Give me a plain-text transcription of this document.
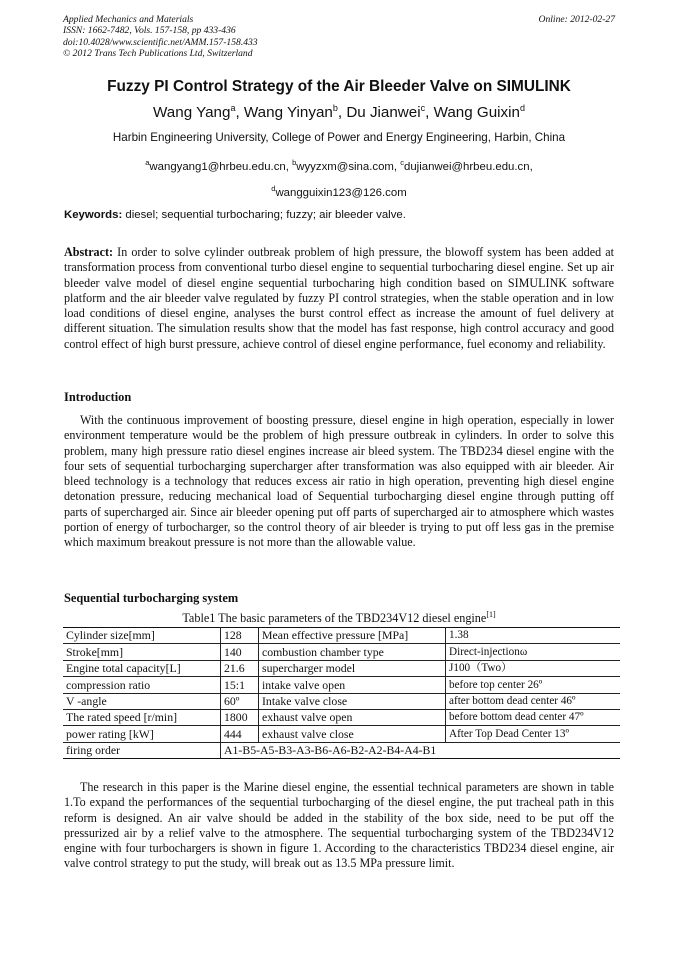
Applied Mechanics and Materials
ISSN: 1662-7482, Vols. 157-158, pp 433-436
doi:10.4028/www.scientific.net/AMM.157-158.433
© 2012 Trans Tech Publications Ltd, Switzerland
Online: 2012-02-27
Fuzzy PI Control Strategy of the Air Bleeder Valve on SIMULINK
Wang Yang$^a$, Wang Yinyan$^b$, Du Jianwei$^c$, Wang Guixin$^d$
Harbin Engineering University, College of Power and Energy Engineering, Harbin, China
$^a$wangyang1@hrbeu.edu.cn, $^b$wyyzxm@sina.com, $^c$dujianwei@hrbeu.edu.cn,
$^d$wangguixin123@126.com
Keywords: diesel; sequential turbocharing; fuzzy; air bleeder valve.

Abstract: In order to solve cylinder outbreak problem of high pressure, the blowoff system has been added at transformation process from conventional turbo diesel engine to sequential turbocharing diesel engine. Set up air bleeder valve model of diesel engine sequential turbocharing high condition based on SIMULINK software platform and the air bleeder valve regulated by fuzzy PI control strategies, when the stable operation and in low load conditions of diesel engine, analyses the burst control effect as increase the amount of fuel delivery at different situation. The simulation results show that the model has fast response, high control accuracy and good control effect of high burst pressure, achieve control of diesel engine performance, fuel economy and reliability.

Introduction

With the continuous improvement of boosting pressure, diesel engine in high operation, especially in lower environment temperature would be the problem of high pressure outbreak in cylinders. In order to solve this problem, many high pressure ratio diesel engines increase air bleed system. The TBD234 diesel engine with the four sets of sequential turbocharging supercharger after transformation was also equipped with air bleeder. Air bleed technology is a technology that reduces excess air ratio in high operation, preventing high diesel engine detonation pressure, reducing mechanical load of Sequential turbocharging diesel engine through putting off parts of supercharged air. Since air bleeder opening put off parts of supercharged air to atmosphere which wastes portion of energy of turbocharger, so the control theory of air bleeder is trying to put off less gas in the premise which maximum breakout pressure is not more than the allowable value.

Sequential turbocharging system
Table1 The basic parameters of the TBD234V12 diesel engine[1]
Cylinder size[mm]	128	Mean effective pressure [MPa]	1.38
Stroke[mm]	140	combustion chamber type	Direct-injectionω
Engine total capacity[L]	21.6	supercharger model	J100（Two）
compression ratio	15:1	intake valve open	before top center 26º
V -angle	60º	Intake valve close	after bottom dead center 46º
The rated speed [r/min]	1800	exhaust valve open	before bottom dead center 47º
power rating [kW]	444	exhaust valve close	After Top Dead Center 13º
firing order	A1-B5-A5-B3-A3-B6-A6-B2-A2-B4-A4-B1		

The research in this paper is the Marine diesel engine, the essential technical parameters are shown in table 1.To expand the performances of the sequential turbocharging of the diesel engine, the put tracheal path in this reform is designed. An air valve should be added in the stability of the box side, need to be put off the pressurized air by a relief valve to the atmosphere. The sequential turbocharging system of the TBD234V12 engine with four turbochargers is shown in figure 1. According to the characteristics TBD234 diesel engine, air valve control strategy to put the study, will break out as 13.5 MPa pressure limit.
